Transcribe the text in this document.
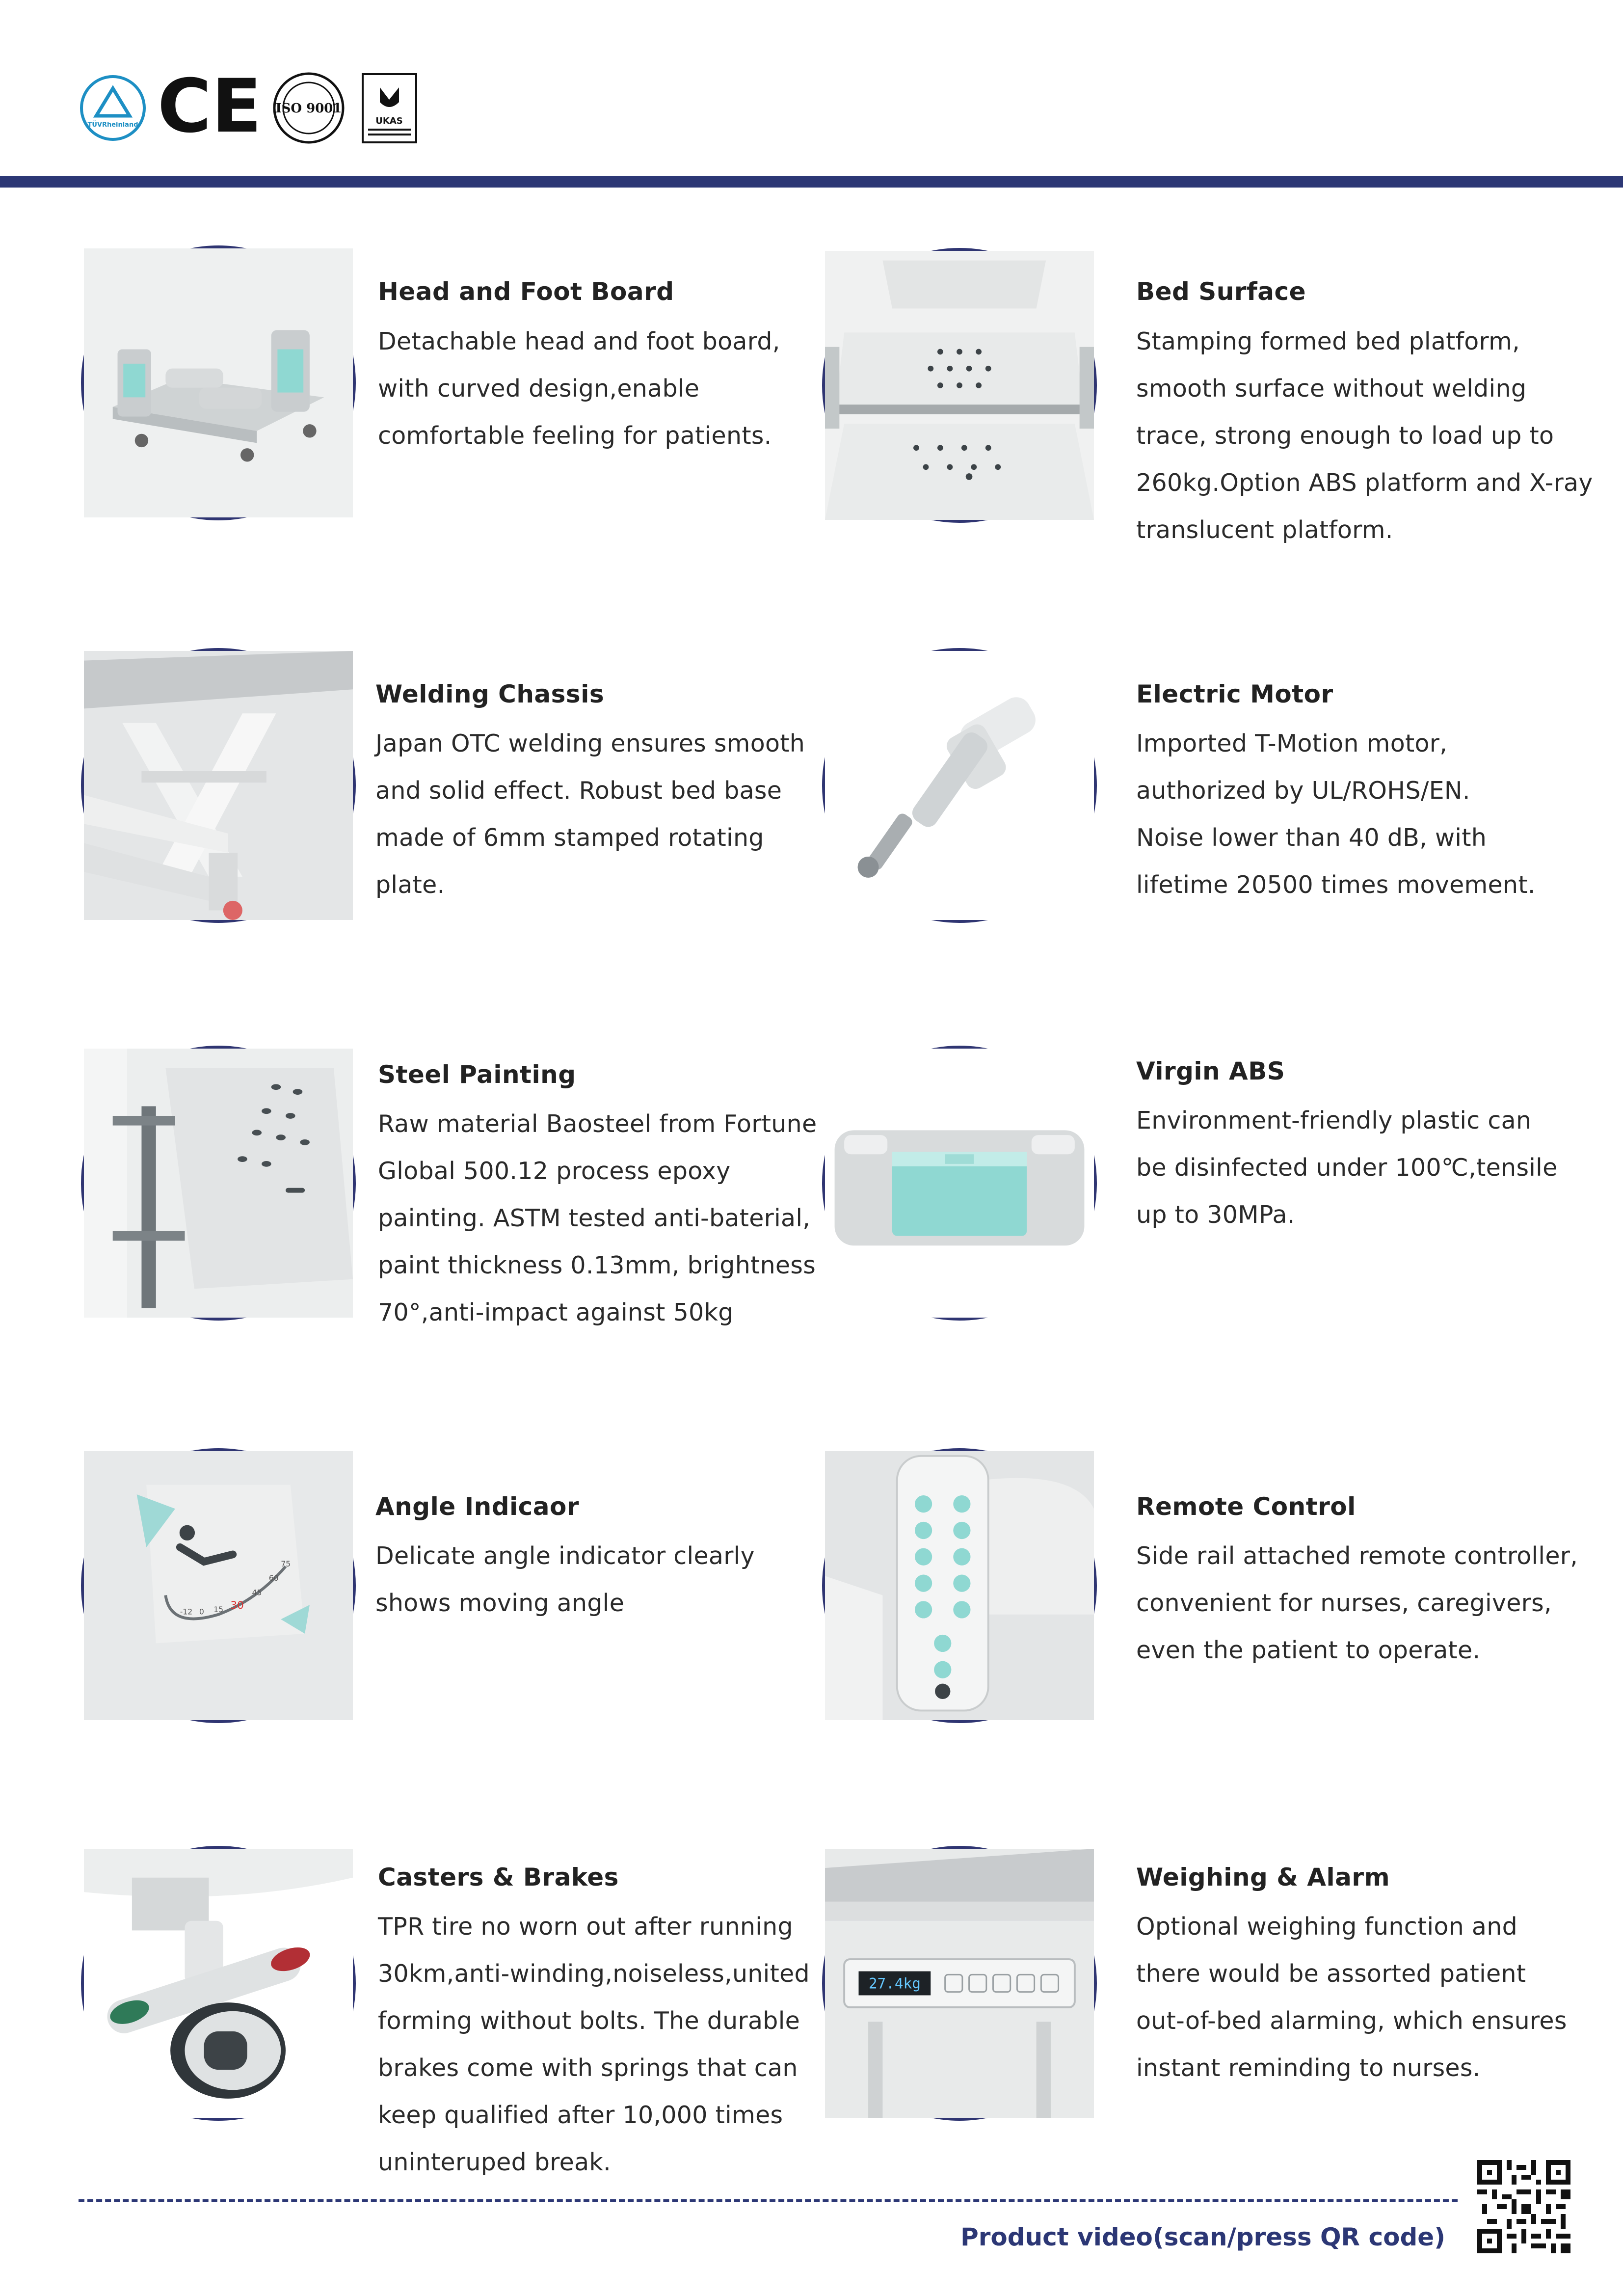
TÜVRheinland CE ISO 9001
UKAS
Head and Foot Board
Detachable head and foot board,
with curved design,enable
comfortable feeling for patients.
Bed Surface
Stamping formed bed platform,
smooth surface without welding
trace, strong enough to load up to
260kg.Option ABS platform and X-ray
translucent platform.
Welding Chassis
Japan OTC welding ensures smooth
and solid effect. Robust bed base
made of 6mm stamped rotating
plate.
Electric Motor
Imported T-Motion motor,
authorized by UL/ROHS/EN.
Noise lower than 40 dB, with
lifetime 20500 times movement.
Steel Painting
Raw material Baosteel from Fortune
Global 500.12 process epoxy
painting. ASTM tested anti-baterial,
paint thickness 0.13mm, brightness
70°,anti-impact against 50kg
Virgin ABS
Environment-friendly plastic can
be disinfected under 100℃,tensile
up to 30MPa.
-12 0 15 30
45
60
75
Angle Indicaor
Delicate angle indicator clearly
shows moving angle
Remote Control
Side rail attached remote controller,
convenient for nurses, caregivers,
even the patient to operate.
Casters & Brakes
TPR tire no worn out after running
30km,anti-winding,noiseless,united
forming without bolts. The durable
brakes come with springs that can
keep qualified after 10,000 times
uninteruped break.
27.4kg
Weighing & Alarm
Optional weighing function and
there would be assorted patient
out-of-bed alarming, which ensures
instant reminding to nurses.
Product video(scan/press QR code)
